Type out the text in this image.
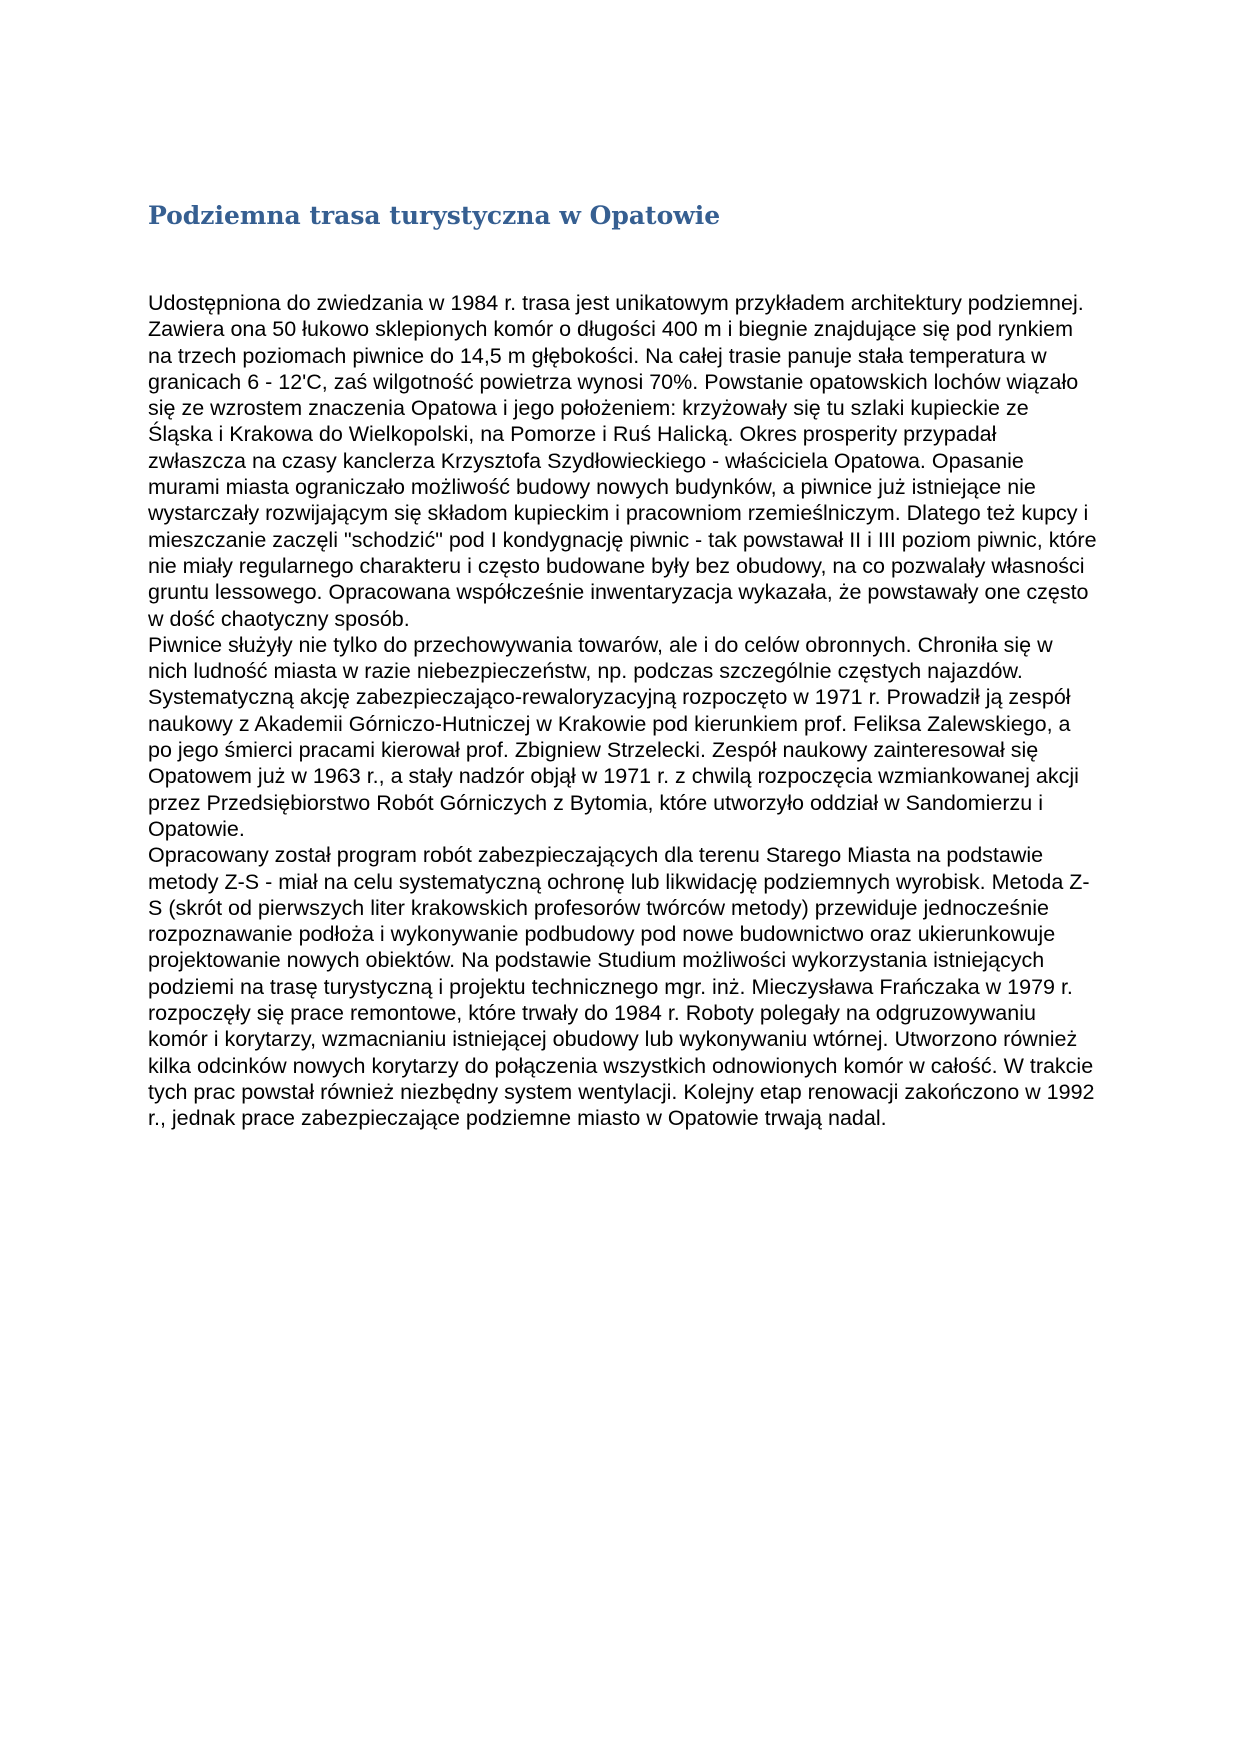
Podziemna trasa turystyczna w Opatowie

Udostępniona do zwiedzania w 1984 r. trasa jest unikatowym przykładem architektury podziemnej. Zawiera ona 50 łukowo sklepionych komór o długości 400 m i biegnie znajdujące się pod rynkiem na trzech poziomach piwnice do 14,5 m głębokości. Na całej trasie panuje stała temperatura w granicach 6 - 12'C, zaś wilgotność powietrza wynosi 70%. Powstanie opatowskich lochów wiązało się ze wzrostem znaczenia Opatowa i jego położeniem: krzyżowały się tu szlaki kupieckie ze Śląska i Krakowa do Wielkopolski, na Pomorze i Ruś Halicką. Okres prosperity przypadał zwłaszcza na czasy kanclerza Krzysztofa Szydłowieckiego - właściciela Opatowa. Opasanie murami miasta ograniczało możliwość budowy nowych budynków, a piwnice już istniejące nie wystarczały rozwijającym się składom kupieckim i pracowniom rzemieślniczym. Dlatego też kupcy i mieszczanie zaczęli "schodzić" pod I kondygnację piwnic - tak powstawał II i III poziom piwnic, które nie miały regularnego charakteru i często budowane były bez obudowy, na co pozwalały własności gruntu lessowego. Opracowana współcześnie inwentaryzacja wykazała, że powstawały one często w dość chaotyczny sposób.

Piwnice służyły nie tylko do przechowywania towarów, ale i do celów obronnych. Chroniła się w nich ludność miasta w razie niebezpieczeństw, np. podczas szczególnie częstych najazdów.

Systematyczną akcję zabezpieczająco-rewaloryzacyjną rozpoczęto w 1971 r. Prowadził ją zespół naukowy z Akademii Górniczo-Hutniczej w Krakowie pod kierunkiem prof. Feliksa Zalewskiego, a po jego śmierci pracami kierował prof. Zbigniew Strzelecki. Zespół naukowy zainteresował się Opatowem już w 1963 r., a stały nadzór objął w 1971 r. z chwilą rozpoczęcia wzmiankowanej akcji przez Przedsiębiorstwo Robót Górniczych z Bytomia, które utworzyło oddział w Sandomierzu i Opatowie.

Opracowany został program robót zabezpieczających dla terenu Starego Miasta na podstawie metody Z-S - miał na celu systematyczną ochronę lub likwidację podziemnych wyrobisk. Metoda Z-S (skrót od pierwszych liter krakowskich profesorów twórców metody) przewiduje jednocześnie rozpoznawanie podłoża i wykonywanie podbudowy pod nowe budownictwo oraz ukierunkowuje projektowanie nowych obiektów. Na podstawie Studium możliwości wykorzystania istniejących podziemi na trasę turystyczną i projektu technicznego mgr. inż. Mieczysława Frańczaka w 1979 r. rozpoczęły się prace remontowe, które trwały do 1984 r. Roboty polegały na odgruzowywaniu komór i korytarzy, wzmacnianiu istniejącej obudowy lub wykonywaniu wtórnej. Utworzono również kilka odcinków nowych korytarzy do połączenia wszystkich odnowionych komór w całość. W trakcie tych prac powstał również niezbędny system wentylacji. Kolejny etap renowacji zakończono w 1992 r., jednak prace zabezpieczające podziemne miasto w Opatowie trwają nadal.
